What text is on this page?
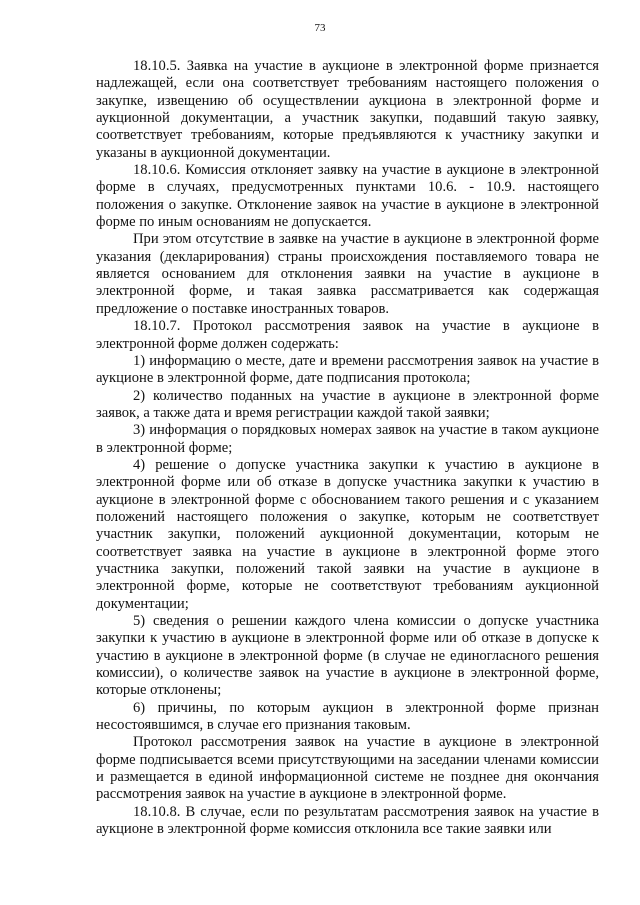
73

18.10.5. Заявка на участие в аукционе в электронной форме признается надлежащей, если она соответствует требованиям настоящего положения о закупке, извещению об осуществлении аукциона в электронной форме и аукционной документации, а участник закупки, подавший такую заявку, соответствует требованиям, которые предъявляются к участнику закупки и указаны в аукционной документации.

18.10.6. Комиссия отклоняет заявку на участие в аукционе в электронной форме в случаях, предусмотренных пунктами 10.6. - 10.9. настоящего положения о закупке. Отклонение заявок на участие в аукционе в электронной форме по иным основаниям не допускается.

При этом отсутствие в заявке на участие в аукционе в электронной форме указания (декларирования) страны происхождения поставляемого товара не является основанием для отклонения заявки на участие в аукционе в электронной форме, и такая заявка рассматривается как содержащая предложение о поставке иностранных товаров.

18.10.7. Протокол рассмотрения заявок на участие в аукционе в электронной форме должен содержать:

1) информацию о месте, дате и времени рассмотрения заявок на участие в аукционе в электронной форме, дате подписания протокола;

2) количество поданных на участие в аукционе в электронной форме заявок, а также дата и время регистрации каждой такой заявки;

3) информация о порядковых номерах заявок на участие в таком аукционе в электронной форме;

4) решение о допуске участника закупки к участию в аукционе в электронной форме или об отказе в допуске участника закупки к участию в аукционе в электронной форме с обоснованием такого решения и с указанием положений настоящего положения о закупке, которым не соответствует участник закупки, положений аукционной документации, которым не соответствует заявка на участие в аукционе в электронной форме этого участника закупки, положений такой заявки на участие в аукционе в электронной форме, которые не соответствуют требованиям аукционной документации;

5) сведения о решении каждого члена комиссии о допуске участника закупки к участию в аукционе в электронной форме или об отказе в допуске к участию в аукционе в электронной форме (в случае не единогласного решения комиссии), о количестве заявок на участие в аукционе в электронной форме, которые отклонены;

6) причины, по которым аукцион в электронной форме признан несостоявшимся, в случае его признания таковым.

Протокол рассмотрения заявок на участие в аукционе в электронной форме подписывается всеми присутствующими на заседании членами комиссии и размещается в единой информационной системе не позднее дня окончания рассмотрения заявок на участие в аукционе в электронной форме.

18.10.8. В случае, если по результатам рассмотрения заявок на участие в аукционе в электронной форме комиссия отклонила все такие заявки или
